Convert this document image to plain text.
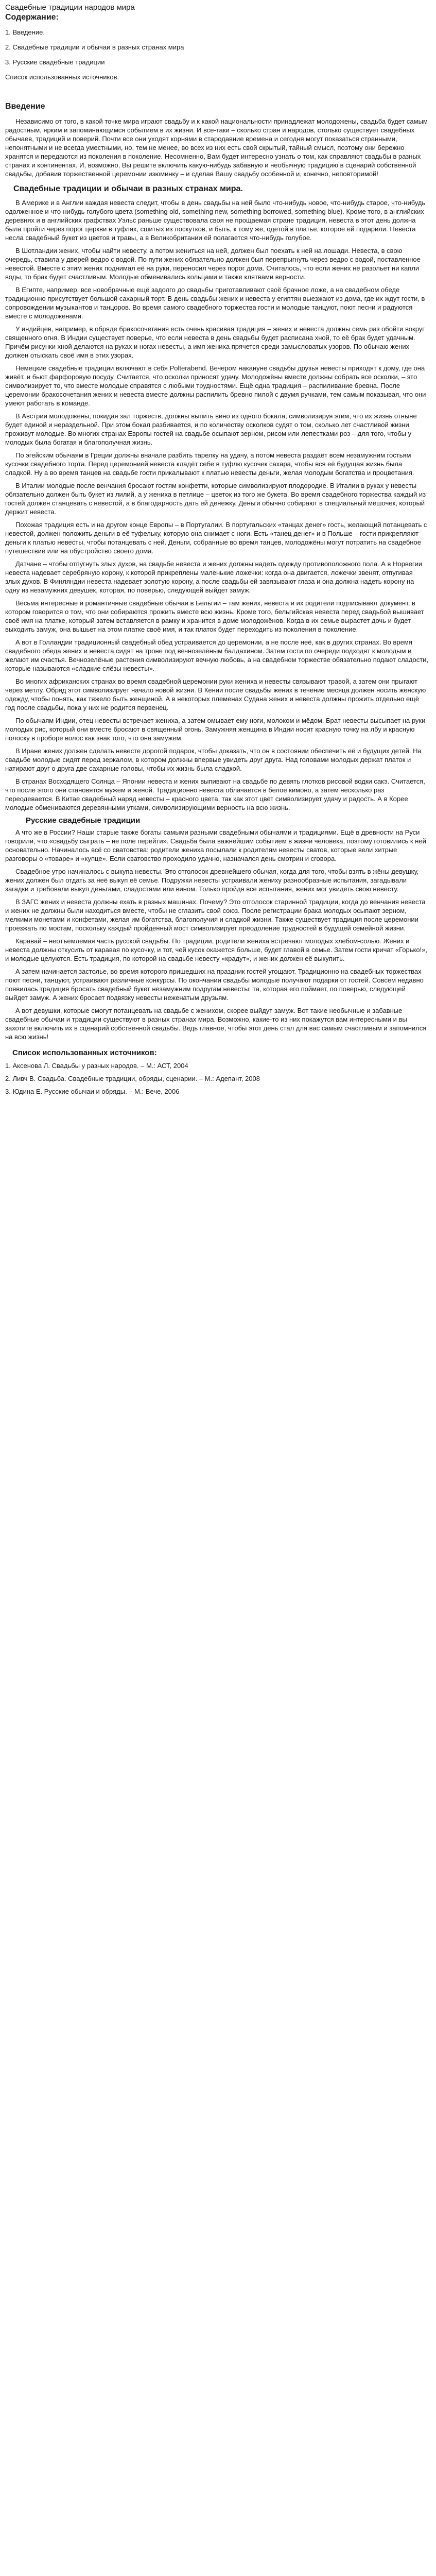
Свадебные традиции народов мира
Содержание:
1. Введение.
2. Свадебные традиции и обычаи в разных странах мира
3. Русские свадебные традиции
Список использованных источников.
Введение

Независимо от того, в какой точке мира играют свадьбу и к какой национальности принадлежат молодожены, свадьба будет самым радостным, ярким и запоминающимся событием в их жизни. И все-таки – сколько стран и народов, столько существует свадебных обычаев, традиций и поверий. Почти все они уходят корнями в стародавние времена и сегодня могут показаться странными, непонятными и не всегда уместными, но, тем не менее, во всех из них есть свой скрытый, тайный смысл, поэтому они бережно хранятся и передаются из поколения в поколение. Несомненно, Вам будет интересно узнать о том, как справляют свадьбы в разных странах и континентах. И, возможно, Вы решите включить какую-нибудь забавную и необычную традицию в сценарий собственной свадьбы, добавив торжественной церемонии изюминку – и сделав Вашу свадьбу особенной и, конечно, неповторимой!

Свадебные традиции и обычаи в разных странах мира.

В Америке и в Англии каждая невеста следит, чтобы в день свадьбы на ней было что-нибудь новое, что-нибудь старое, что-нибудь одолженное и что-нибудь голубого цвета (something old, something new, something borrowed, something blue). Кроме того, в английских деревнях и в английских графствах Уэльс раньше существовала своя не прощаемая стране традиция, невеста в этот день должна была пройти через порог церкви в туфлях, сшитых из лоскутков, и быть, к тому же, одетой в платье, которое ей подарили. Невеста несла свадебный букет из цветов и травы, а в Великобритании ей полагается что-нибудь голубое.

В Шотландии жених, чтобы найти невесту, а потом жениться на ней, должен был поехать к ней на лошади. Невеста, в свою очередь, ставила у дверей ведро с водой. По пути жених обязательно должен был перепрыгнуть через ведро с водой, поставленное невестой. Вместе с этим жених поднимал её на руки, переносил через порог дома. Считалось, что если жених не разольет ни капли воды, то брак будет счастливым. Молодые обменивались кольцами и также клятвами верности.

В Египте, например, все новобрачные ещё задолго до свадьбы приготавливают своё брачное ложе, а на свадебном обеде традиционно присутствует большой сахарный торт. В день свадьбы жених и невеста у египтян выезжают из дома, где их ждут гости, в сопровождении музыкантов и танцоров. Во время самого свадебного торжества гости и молодые танцуют, поют песни и радуются вместе с молодоженами.

У индийцев, например, в обряде бракосочетания есть очень красивая традиция – жених и невеста должны семь раз обойти вокруг священного огня. В Индии существует поверье, что если невеста в день свадьбы будет расписана хной, то её брак будет удачным. Причём рисунки хной делаются на руках и ногах невесты, а имя жениха прячется среди замысловатых узоров. По обычаю жених должен отыскать своё имя в этих узорах.

Немецкие свадебные традиции включают в себя Polterabend. Вечером накануне свадьбы друзья невесты приходят к дому, где она живёт, и бьют фарфоровую посуду. Считается, что осколки приносят удачу. Молодожёны вместе должны собрать все осколки, – это символизирует то, что вместе молодые справятся с любыми трудностями. Ещё одна традиция – распиливание бревна. После церемонии бракосочетания жених и невеста вместе должны распилить бревно пилой с двумя ручками, тем самым показывая, что они умеют работать в команде.

В Австрии молодожены, покидая зал торжеств, должны выпить вино из одного бокала, символизируя этим, что их жизнь отныне будет единой и нераздельной. При этом бокал разбивается, и по количеству осколков судят о том, сколько лет счастливой жизни проживут молодые. Во многих странах Европы гостей на свадьбе осыпают зерном, рисом или лепестками роз – для того, чтобы у молодых была богатая и благополучная жизнь.

По эгейским обычаям в Греции должны вначале разбить тарелку на удачу, а потом невеста раздаёт всем незамужним гостьям кусочки свадебного торта. Перед церемонией невеста кладёт себе в туфлю кусочек сахара, чтобы вся её будущая жизнь была сладкой. Ну а во время танцев на свадьбе гости прикалывают к платью невесты деньги, желая молодым богатства и процветания.

В Италии молодые после венчания бросают гостям конфетти, которые символизируют плодородие. В Италии в руках у невесты обязательно должен быть букет из лилий, а у жениха в петлице – цветок из того же букета. Во время свадебного торжества каждый из гостей должен станцевать с невестой, а в благодарность дать ей денежку. Деньги обычно собирают в специальный мешочек, который держит невеста.

Похожая традиция есть и на другом конце Европы – в Португалии. В португальских «танцах денег» гость, желающий потанцевать с невестой, должен положить деньги в её туфельку, которую она снимает с ноги. Есть «танец денег» и в Польше – гости прикрепляют деньги к платью невесты, чтобы потанцевать с ней. Деньги, собранные во время танцев, молодожёны могут потратить на свадебное путешествие или на обустройство своего дома.

Датчане – чтобы отпугнуть злых духов, на свадьбе невеста и жених должны надеть одежду противоположного пола. А в Норвегии невеста надевает серебряную корону, к которой прикреплены маленькие ложечки: когда она двигается, ложечки звенят, отпугивая злых духов. В Финляндии невеста надевает золотую корону, а после свадьбы ей завязывают глаза и она должна надеть корону на одну из незамужних девушек, которая, по поверью, следующей выйдет замуж.

Весьма интересные и романтичные свадебные обычаи в Бельгии – там жених, невеста и их родители подписывают документ, в котором говорится о том, что они собираются прожить вместе всю жизнь. Кроме того, бельгийская невеста перед свадьбой вышивает своё имя на платке, который затем вставляется в рамку и хранится в доме молодожёнов. Когда в их семье вырастет дочь и будет выходить замуж, она вышьет на этом платке своё имя, и так платок будет переходить из поколения в поколение.

А вот в Голландии традиционный свадебный обед устраивается до церемонии, а не после неё, как в других странах. Во время свадебного обеда жених и невеста сидят на троне под вечнозелёным балдахином. Затем гости по очереди подходят к молодым и желают им счастья. Вечнозелёные растения символизируют вечную любовь, а на свадебном торжестве обязательно подают сладости, которые называются «сладкие слёзы невесты».

Во многих африканских странах во время свадебной церемонии руки жениха и невесты связывают травой, а затем они прыгают через метлу. Обряд этот символизирует начало новой жизни. В Кении после свадьбы жених в течение месяца должен носить женскую одежду, чтобы понять, как тяжело быть женщиной. А в некоторых племенах Судана жених и невеста должны прожить отдельно ещё год после свадьбы, пока у них не родится первенец.

По обычаям Индии, отец невесты встречает жениха, а затем омывает ему ноги, молоком и мёдом. Брат невесты высыпает на руки молодых рис, который они вместе бросают в священный огонь. Замужняя женщина в Индии носит красную точку на лбу и красную полоску в проборе волос как знак того, что она замужем.

В Иране жених должен сделать невесте дорогой подарок, чтобы доказать, что он в состоянии обеспечить её и будущих детей. На свадьбе молодые сидят перед зеркалом, в котором должны впервые увидеть друг друга. Над головами молодых держат платок и натирают друг о друга две сахарные головы, чтобы их жизнь была сладкой.

В странах Восходящего Солнца – Японии невеста и жених выпивают на свадьбе по девять глотков рисовой водки сакэ. Считается, что после этого они становятся мужем и женой. Традиционно невеста облачается в белое кимоно, а затем несколько раз переодевается. В Китае свадебный наряд невесты – красного цвета, так как этот цвет символизирует удачу и радость. А в Корее молодые обмениваются деревянными утками, символизирующими верность на всю жизнь.

Русские свадебные традиции

А что же в России? Наши старые также богаты самыми разными свадебными обычаями и традициями. Ещё в древности на Руси говорили, что «свадьбу сыграть – не поле перейти». Свадьба была важнейшим событием в жизни человека, поэтому готовились к ней основательно. Начиналось всё со сватовства: родители жениха посылали к родителям невесты сватов, которые вели хитрые разговоры о «товаре» и «купце». Если сватовство проходило удачно, назначался день смотрин и сговора.

Свадебное утро начиналось с выкупа невесты. Это отголосок древнейшего обычая, когда для того, чтобы взять в жёны девушку, жених должен был отдать за неё выкуп её семье. Подружки невесты устраивали жениху разнообразные испытания, загадывали загадки и требовали выкуп деньгами, сладостями или вином. Только пройдя все испытания, жених мог увидеть свою невесту.

В ЗАГС жених и невеста должны ехать в разных машинах. Почему? Это отголосок старинной традиции, когда до венчания невеста и жених не должны были находиться вместе, чтобы не сглазить свой союз. После регистрации брака молодых осыпают зерном, мелкими монетами и конфетами, желая им богатства, благополучия и сладкой жизни. Также существует традиция после церемонии проезжать по мостам, поскольку каждый пройденный мост символизирует преодоление трудностей в будущей семейной жизни.

Каравай – неотъемлемая часть русской свадьбы. По традиции, родители жениха встречают молодых хлебом-солью. Жених и невеста должны откусить от каравая по кусочку, и тот, чей кусок окажется больше, будет главой в семье. Затем гости кричат «Горько!», и молодые целуются. Есть традиция, по которой на свадьбе невесту «крадут», и жених должен её выкупить.

А затем начинается застолье, во время которого пришедших на праздник гостей угощают. Традиционно на свадебных торжествах поют песни, танцуют, устраивают различные конкурсы. По окончании свадьбы молодые получают подарки от гостей. Совсем недавно появилась традиция бросать свадебный букет незамужним подругам невесты: та, которая его поймает, по поверью, следующей выйдет замуж. А жених бросает подвязку невесты неженатым друзьям.

А вот девушки, которые смогут потанцевать на свадьбе с женихом, скорее выйдут замуж. Вот такие необычные и забавные свадебные обычаи и традиции существуют в разных странах мира. Возможно, какие-то из них покажутся вам интересными и вы захотите включить их в сценарий собственной свадьбы. Ведь главное, чтобы этот день стал для вас самым счастливым и запомнился на всю жизнь!

Список использованных источников:
1. Аксенова Л. Свадьбы у разных народов. – М.: АСТ, 2004
2. Ливч В. Свадьба. Свадебные традиции, обряды, сценарии. – М.: Адепант, 2008
3. Юдина Е. Русские обычаи и обряды. – М.: Вече, 2006
